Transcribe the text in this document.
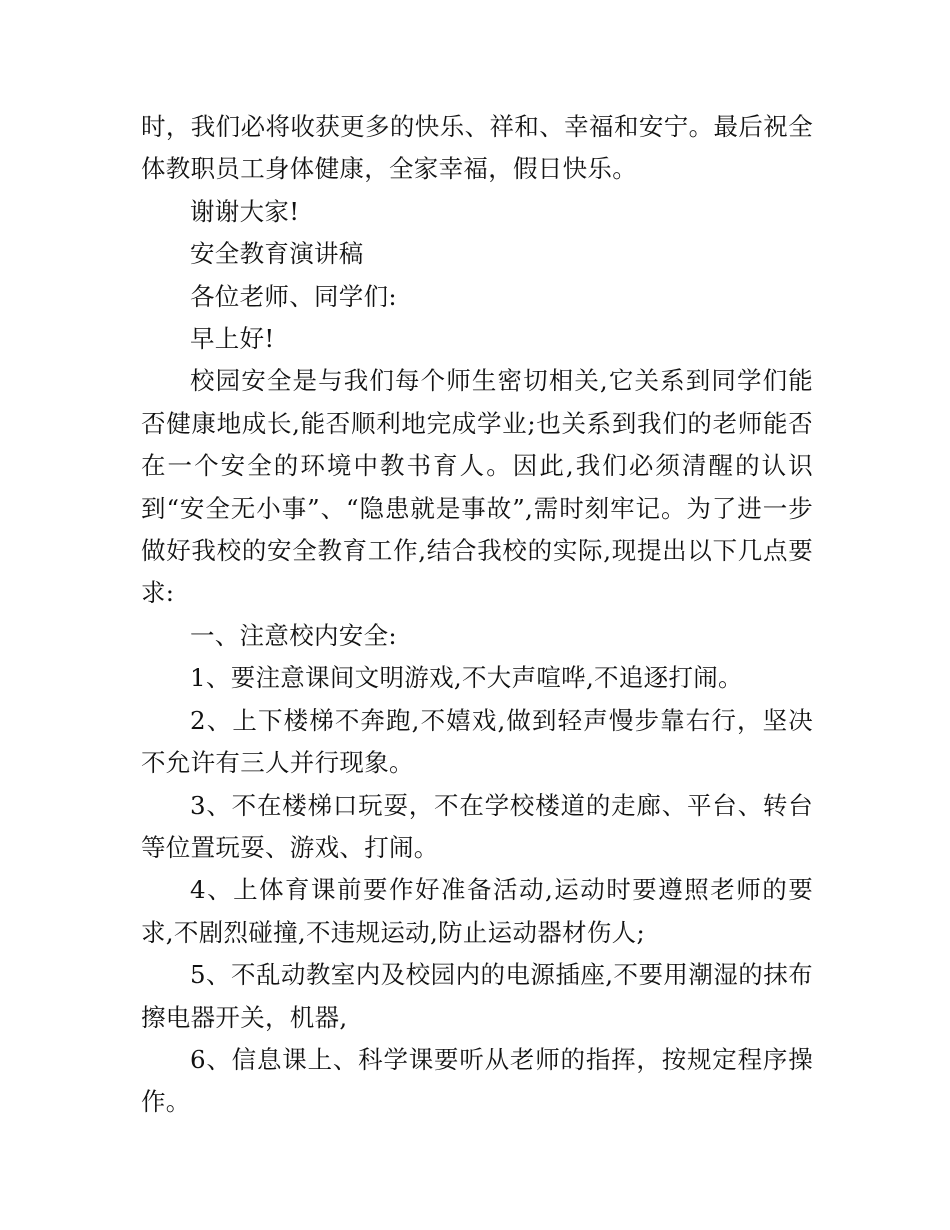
时，我们必将收获更多的快乐、祥和、幸福和安宁。最后祝全体教职员工身体健康，全家幸福，假日快乐。

谢谢大家!

安全教育演讲稿

各位老师、同学们:

早上好!

校园安全是与我们每个师生密切相关,它关系到同学们能否健康地成长,能否顺利地完成学业;也关系到我们的老师能否在一个安全的环境中教书育人。因此,我们必须清醒的认识到“安全无小事”、“隐患就是事故”,需时刻牢记。为了进一步做好我校的安全教育工作,结合我校的实际,现提出以下几点要求:

一、注意校内安全:

1、要注意课间文明游戏,不大声喧哗,不追逐打闹。

2、上下楼梯不奔跑,不嬉戏,做到轻声慢步靠右行，坚决不允许有三人并行现象。

3、不在楼梯口玩耍，不在学校楼道的走廊、平台、转台等位置玩耍、游戏、打闹。

4、上体育课前要作好准备活动,运动时要遵照老师的要求,不剧烈碰撞,不违规运动,防止运动器材伤人;

5、不乱动教室内及校园内的电源插座,不要用潮湿的抹布擦电器开关，机器,

6、信息课上、科学课要听从老师的指挥，按规定程序操作。
